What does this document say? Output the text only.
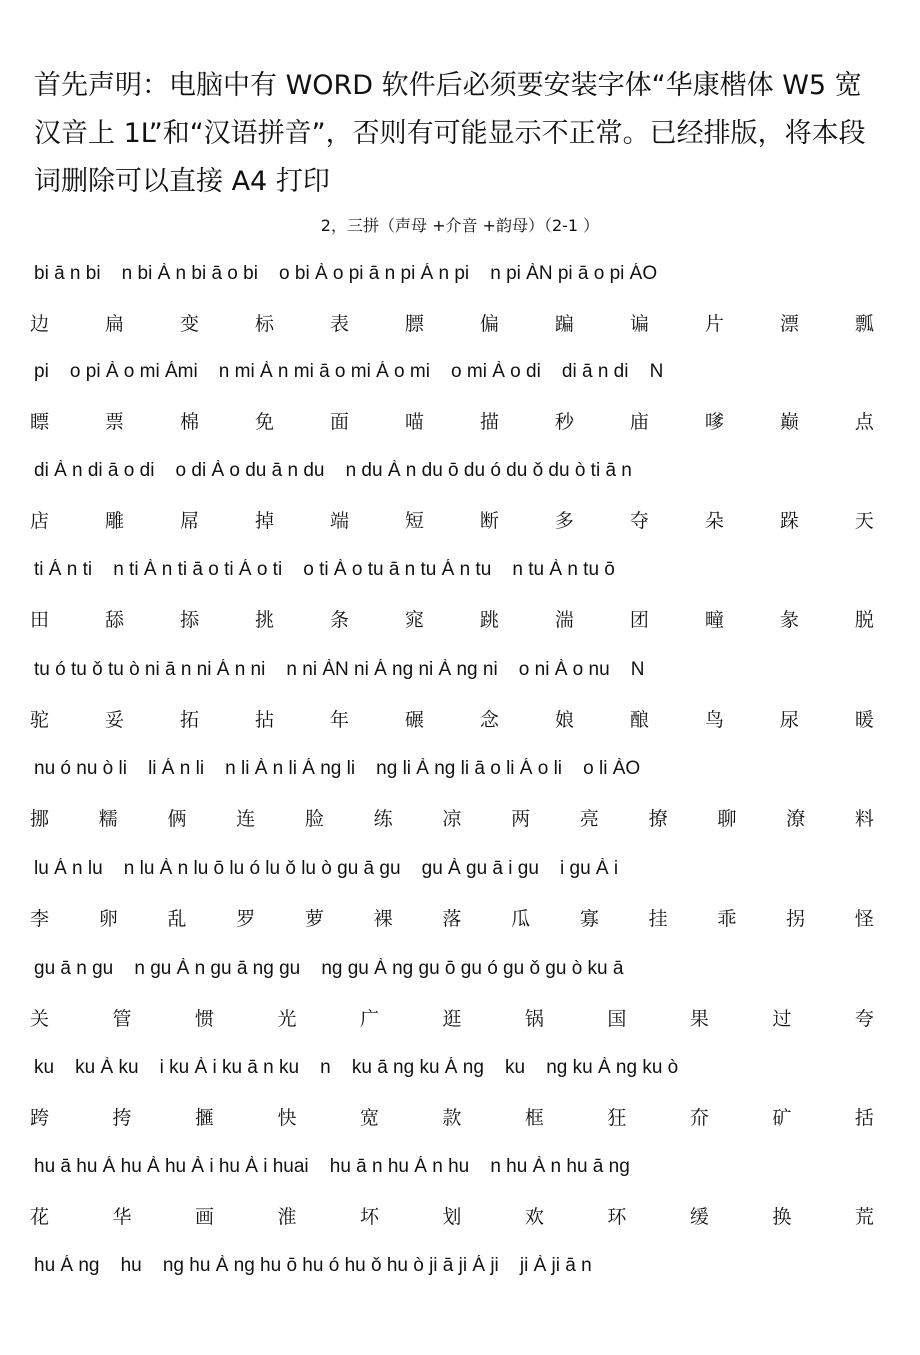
首先声明：电脑中有 WORD 软件后必须要安装字体“华康楷体 W5 宽汉音上 1L”和“汉语拼音”，否则有可能显示不正常。已经排版，将本段词删除可以直接 A4 打印

2，三拼（声母 +介音 +韵母）（2-1 ）

bi ā n bi    n bi À n bi ā o bi    o bi À o pi ā n pi Á n pi    n pi ÀN pi ā o pi ÁO

边	扁	变	标	表	膘	偏	蹁	谝	片	漂	瓢

pi    o pi À o mi Ámi    n mi À n mi ā o mi Á o mi    o mi À o di    di ā n di    N

瞟	票	棉	免	面	喵	描	秒	庙	嗲	巅	点

di À n di ā o di    o di À o du ā n du    n du À n du ō du ó du ǒ du ò ti ā n

店	雕	屌	掉	端	短	断	多	夺	朵	跺	天

ti Á n ti    n ti À n ti ā o ti Á o ti    o ti À o tu ā n tu Á n tu    n tu À n tu ō

田	舔	掭	挑	条	窕	跳	湍	团	疃	彖	脱

tu ó tu ǒ tu ò ni ā n ni Á n ni    n ni ÀN ni Á ng ni À ng ni    o ni À o nu    N

驼	妥	拓	拈	年	碾	念	娘	酿	鸟	尿	暖

nu ó nu ò li    li Á n li    n li À n li Á ng li    ng li À ng li ā o li Á o li    o li ÀO

挪	糯	俩	连	脸	练	凉	两	亮	撩	聊	潦	料

lu Á n lu    n lu À n lu ō lu ó lu ǒ lu ò gu ā gu    gu À gu ā i gu    i gu À i

李	卵	乱	罗	萝	裸	落	瓜	寡	挂	乖	拐	怪

gu ā n gu    n gu À n gu ā ng gu    ng gu À ng gu ō gu ó gu ǒ gu ò ku ā

关	管	惯	光	广	逛	锅	国	果	过	夸

ku    ku À ku    i ku À i ku ā n ku    n    ku ā ng ku Á ng    ku    ng ku À ng ku ò

跨	挎	擓	快	宽	款	框	狂	夼	矿	括

hu ā hu Á hu À hu À i hu À i huai    hu ā n hu Á n hu    n hu À n hu ā ng

花	华	画	淮	坏	划	欢	环	缓	换	荒

hu Á ng    hu    ng hu À ng hu ō hu ó hu ǒ hu ò ji ā ji Á ji    ji À ji ā n
